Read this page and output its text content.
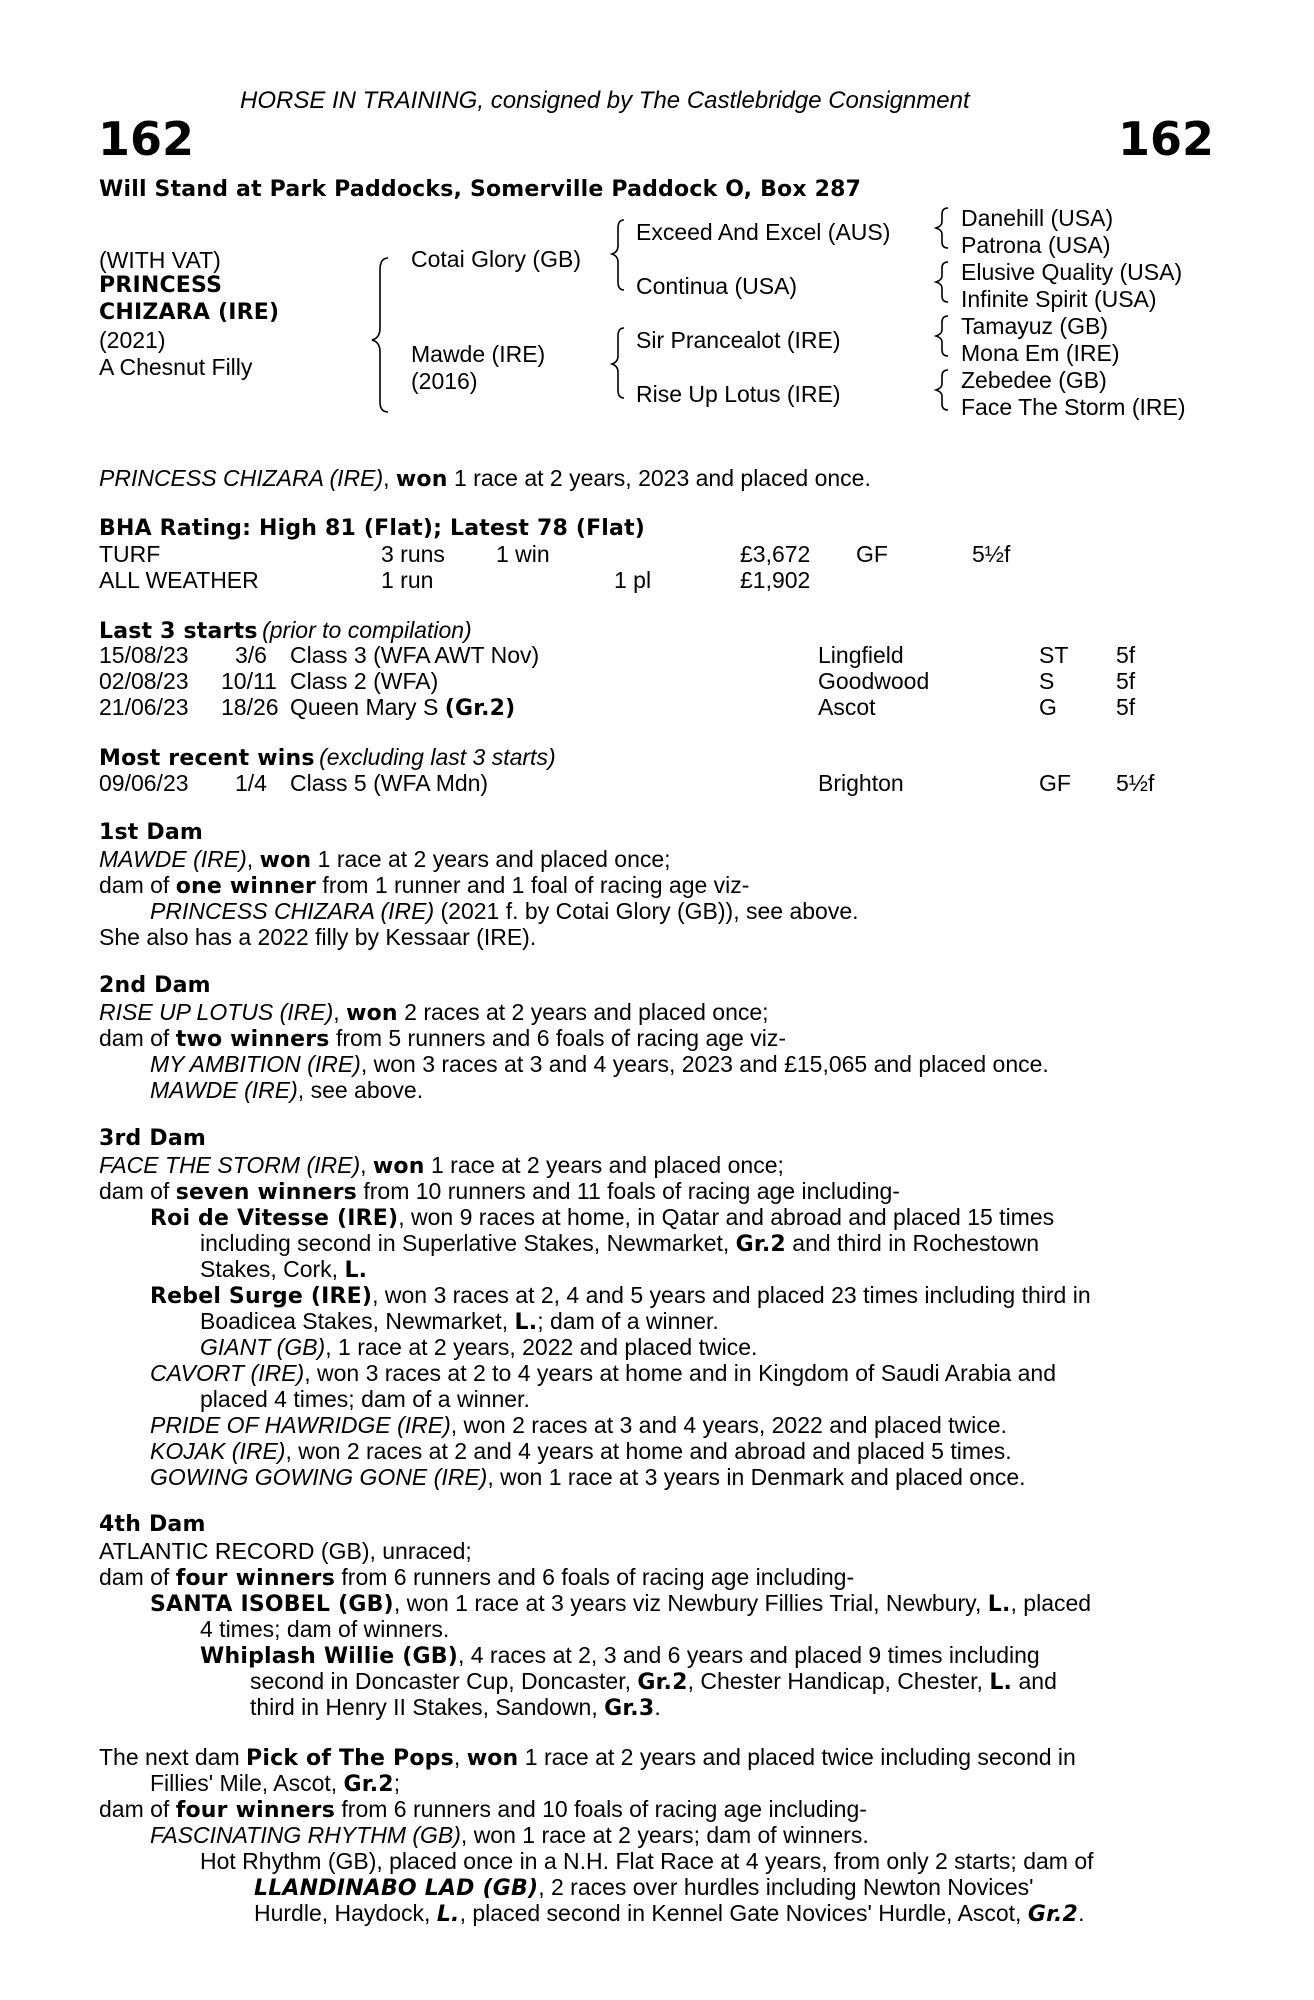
HORSE IN TRAINING, consigned by The Castlebridge Consignment
162	162
Will Stand at Park Paddocks, Somerville Paddock O, Box 287
(WITH VAT)
PRINCESS
CHIZARA (IRE)
(2021)
A Chesnut Filly
Cotai Glory (GB)
Mawde (IRE)
(2016)
Exceed And Excel (AUS)
Continua (USA)
Sir Prancealot (IRE)
Rise Up Lotus (IRE)
Danehill (USA)
Patrona (USA)
Elusive Quality (USA)
Infinite Spirit (USA)
Tamayuz (GB)
Mona Em (IRE)
Zebedee (GB)
Face The Storm (IRE)
PRINCESS CHIZARA (IRE), won 1 race at 2 years, 2023 and placed once.
BHA Rating: High 81 (Flat); Latest 78 (Flat)
TURF	3 runs 1 win	£3,672 GF	5½f
ALL WEATHER	1 run	1 pl	£1,902
Last 3 starts (prior to compilation)
15/08/23 3/6 Class 3 (WFA AWT Nov)	Lingfield	ST 5f
02/08/23 10/11 Class 2 (WFA)	Goodwood	S	5f
21/06/23 18/26 Queen Mary S (Gr.2)	Ascot	G	5f
Most recent wins (excluding last 3 starts)
09/06/23 1/4 Class 5 (WFA Mdn)	Brighton	GF 5½f
1st Dam
MAWDE (IRE), won 1 race at 2 years and placed once;
dam of one winner from 1 runner and 1 foal of racing age viz-
PRINCESS CHIZARA (IRE) (2021 f. by Cotai Glory (GB)), see above.
She also has a 2022 filly by Kessaar (IRE).
2nd Dam
RISE UP LOTUS (IRE), won 2 races at 2 years and placed once;
dam of two winners from 5 runners and 6 foals of racing age viz-
MY AMBITION (IRE), won 3 races at 3 and 4 years, 2023 and £15,065 and placed once.
MAWDE (IRE), see above.
3rd Dam
FACE THE STORM (IRE), won 1 race at 2 years and placed once;
dam of seven winners from 10 runners and 11 foals of racing age including-
Roi de Vitesse (IRE), won 9 races at home, in Qatar and abroad and placed 15 times
including second in Superlative Stakes, Newmarket, Gr.2 and third in Rochestown
Stakes, Cork, L.
Rebel Surge (IRE), won 3 races at 2, 4 and 5 years and placed 23 times including third in
Boadicea Stakes, Newmarket, L.; dam of a winner.
GIANT (GB), 1 race at 2 years, 2022 and placed twice.
CAVORT (IRE), won 3 races at 2 to 4 years at home and in Kingdom of Saudi Arabia and
placed 4 times; dam of a winner.
PRIDE OF HAWRIDGE (IRE), won 2 races at 3 and 4 years, 2022 and placed twice.
KOJAK (IRE), won 2 races at 2 and 4 years at home and abroad and placed 5 times.
GOWING GOWING GONE (IRE), won 1 race at 3 years in Denmark and placed once.
4th Dam
ATLANTIC RECORD (GB), unraced;
dam of four winners from 6 runners and 6 foals of racing age including-
SANTA ISOBEL (GB), won 1 race at 3 years viz Newbury Fillies Trial, Newbury, L., placed
4 times; dam of winners.
Whiplash Willie (GB), 4 races at 2, 3 and 6 years and placed 9 times including
second in Doncaster Cup, Doncaster, Gr.2, Chester Handicap, Chester, L. and
third in Henry II Stakes, Sandown, Gr.3.
The next dam Pick of The Pops, won 1 race at 2 years and placed twice including second in
Fillies' Mile, Ascot, Gr.2;
dam of four winners from 6 runners and 10 foals of racing age including-
FASCINATING RHYTHM (GB), won 1 race at 2 years; dam of winners.
Hot Rhythm (GB), placed once in a N.H. Flat Race at 4 years, from only 2 starts; dam of
LLANDINABO LAD (GB), 2 races over hurdles including Newton Novices'
Hurdle, Haydock, L., placed second in Kennel Gate Novices' Hurdle, Ascot, Gr.2.
